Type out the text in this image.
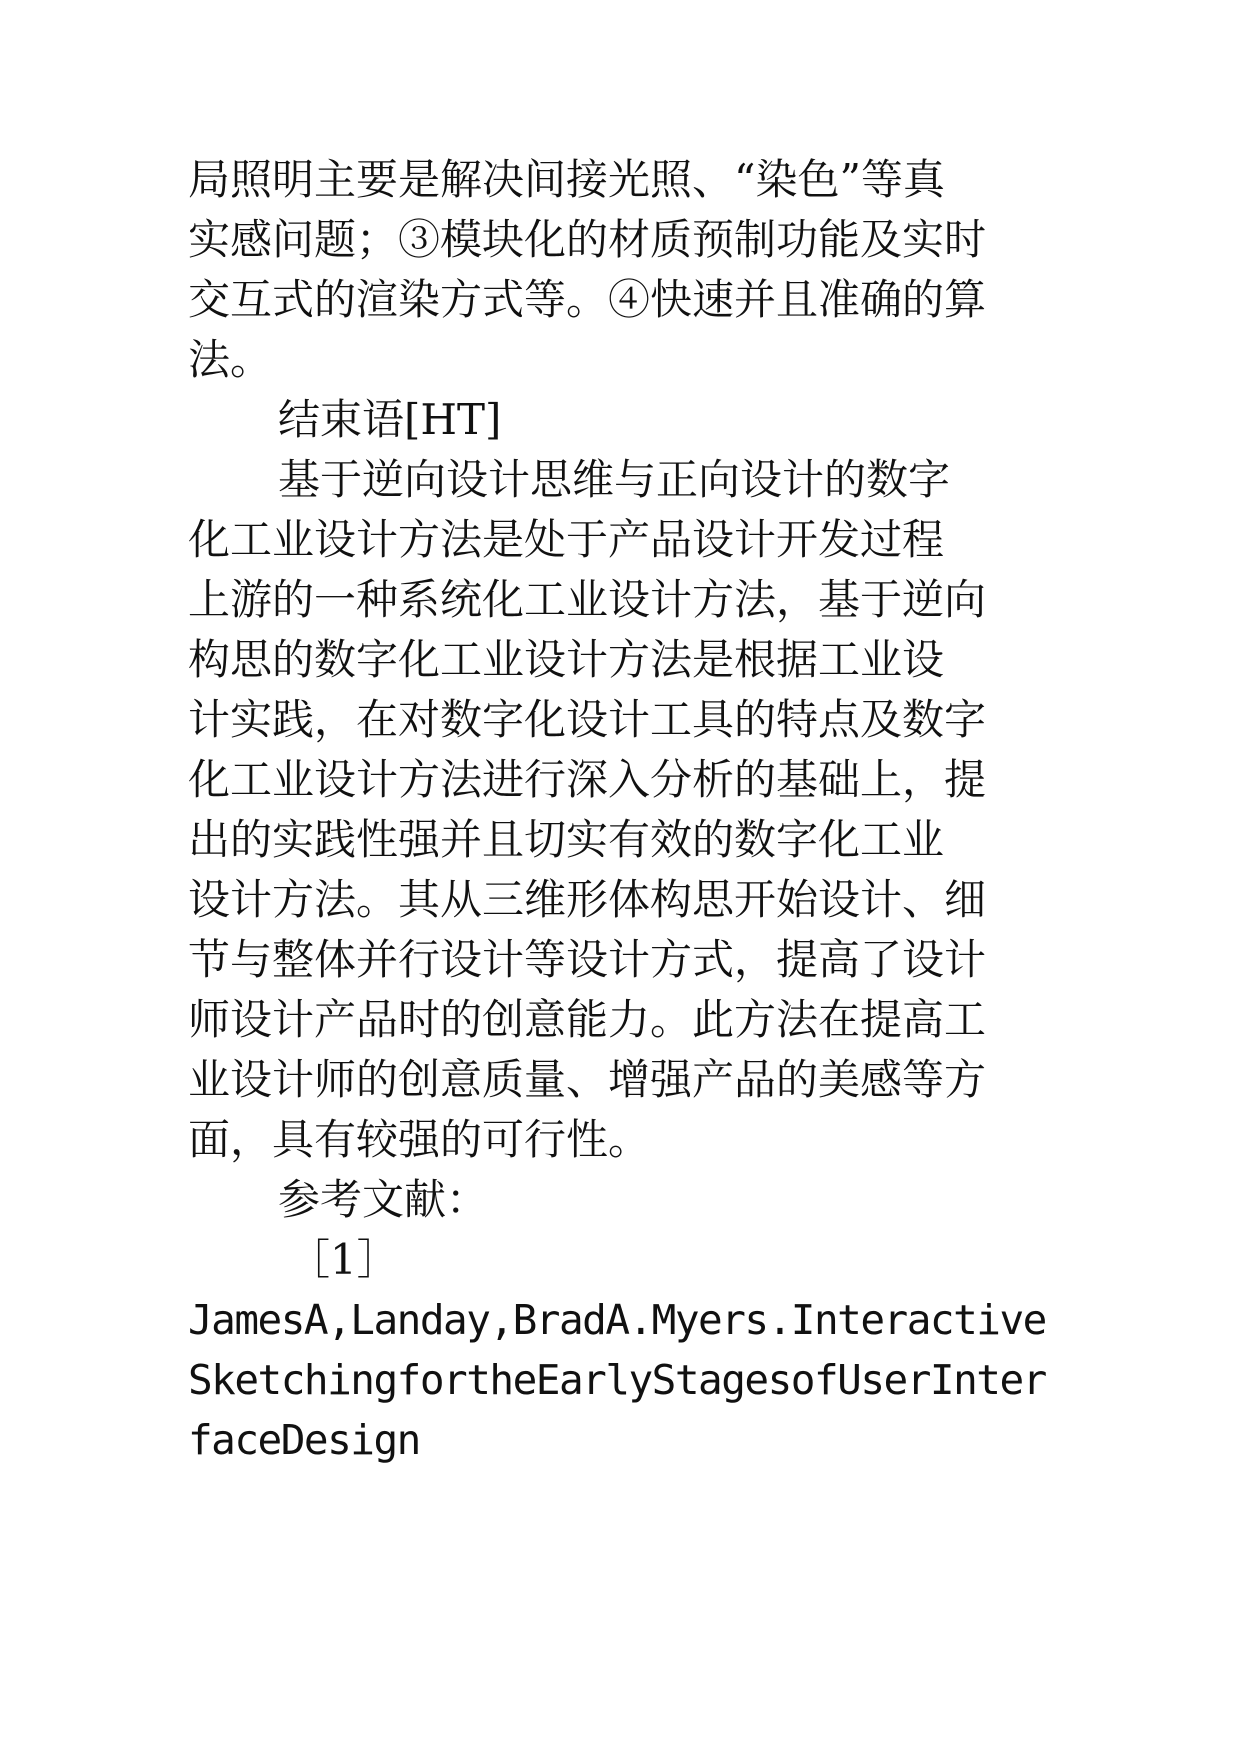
局照明主要是解决间接光照、“染色”等真
实感问题；③模块化的材质预制功能及实时
交互式的渲染方式等。④快速并且准确的算
法。
结束语[HT]
基于逆向设计思维与正向设计的数字
化工业设计方法是处于产品设计开发过程
上游的一种系统化工业设计方法，基于逆向
构思的数字化工业设计方法是根据工业设
计实践，在对数字化设计工具的特点及数字
化工业设计方法进行深入分析的基础上，提
出的实践性强并且切实有效的数字化工业
设计方法。其从三维形体构思开始设计、细
节与整体并行设计等设计方式，提高了设计
师设计产品时的创意能力。此方法在提高工
业设计师的创意质量、增强产品的美感等方
面，具有较强的可行性。
参考文献：
［1］
JamesA,Landay,BradA.Myers.Interactive
SketchingfortheEarlyStagesofUserInter
faceDesign
